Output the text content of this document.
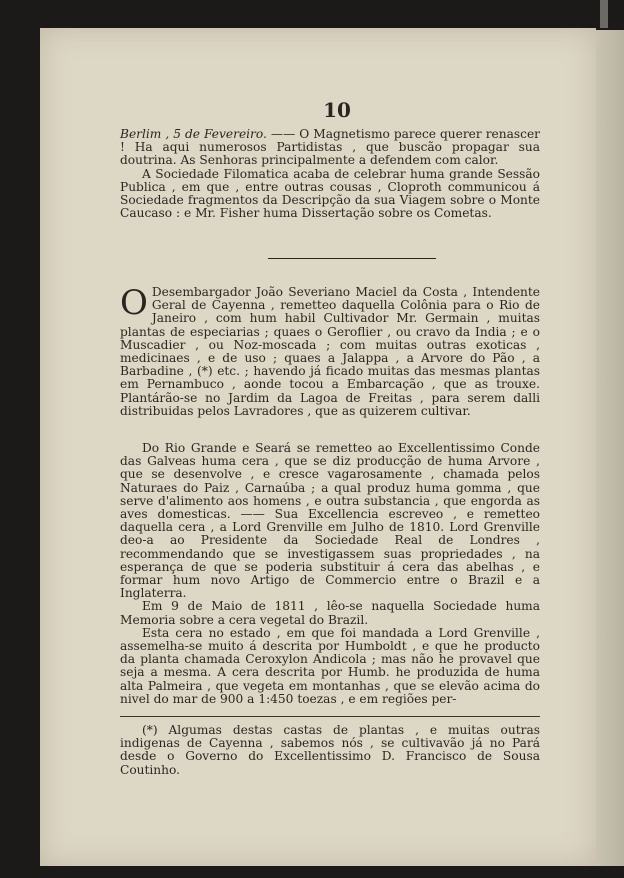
10

Berlim , 5 de Fevereiro. —— O Magnetismo parece querer renascer ! Ha aqui numerosos Partidistas , que buscão propagar sua doutrina. As Senhoras principalmente a defendem com calor.

A Sociedade Filomatica acaba de celebrar huma grande Sessão Publica , em que , entre outras cousas , Cloproth communicou á Sociedade fragmentos da Descripção da sua Viagem sobre o Monte Caucaso : e Mr. Fisher huma Dissertação sobre os Cometas.

O Desembargador João Severiano Maciel da Costa , Intendente Geral de Cayenna , remetteo daquella Colônia para o Rio de Janeiro , com hum habil Cultivador Mr. Germain , muitas plantas de especiarias ; quaes o Geroflier , ou cravo da India ; e o Muscadier , ou Noz-moscada ; com muitas outras exoticas , medicinaes , e de uso ; quaes a Jalappa , a Arvore do Pão , a Barbadine , (*) etc. ; havendo já ficado muitas das mesmas plantas em Pernambuco , aonde tocou a Embarcação , que as trouxe. Plantárão-se no Jardim da Lagoa de Freitas , para serem dalli distribuidas pelos Lavradores , que as quizerem cultivar.

Do Rio Grande e Seará se remetteo ao Excellentissimo Conde das Galveas huma cera , que se diz producção de huma Arvore , que se desenvolve , e cresce vagarosamente , chamada pelos Naturaes do Paiz , Carnaúba ; a qual produz huma gomma , que serve d'alimento aos homens , e outra substancia , que engorda as aves domesticas. —— Sua Excellencia escreveo , e remetteo daquella cera , a Lord Grenville em Julho de 1810. Lord Grenville deo-a ao Presidente da Sociedade Real de Londres , recommendando que se investigassem suas propriedades , na esperança de que se poderia substituir á cera das abelhas , e formar hum novo Artigo de Commercio entre o Brazil e a Inglaterra.

Em 9 de Maio de 1811 , lêo-se naquella Sociedade huma Memoria sobre a cera vegetal do Brazil.

Esta cera no estado , em que foi mandada a Lord Grenville , assemelha-se muito á descrita por Humboldt , e que he producto da planta chamada Ceroxylon Andicola ; mas não he provavel que seja a mesma. A cera descrita por Humb. he produzida de huma alta Palmeira , que vegeta em montanhas , que se elevão acima do nivel do mar de 900 a 1:450 toezas , e em regiões per-

(*) Algumas destas castas de plantas , e muitas outras indigenas de Cayenna , sabemos nós , se cultivavão já no Pará desde o Governo do Excellentissimo D. Francisco de Sousa Coutinho.
